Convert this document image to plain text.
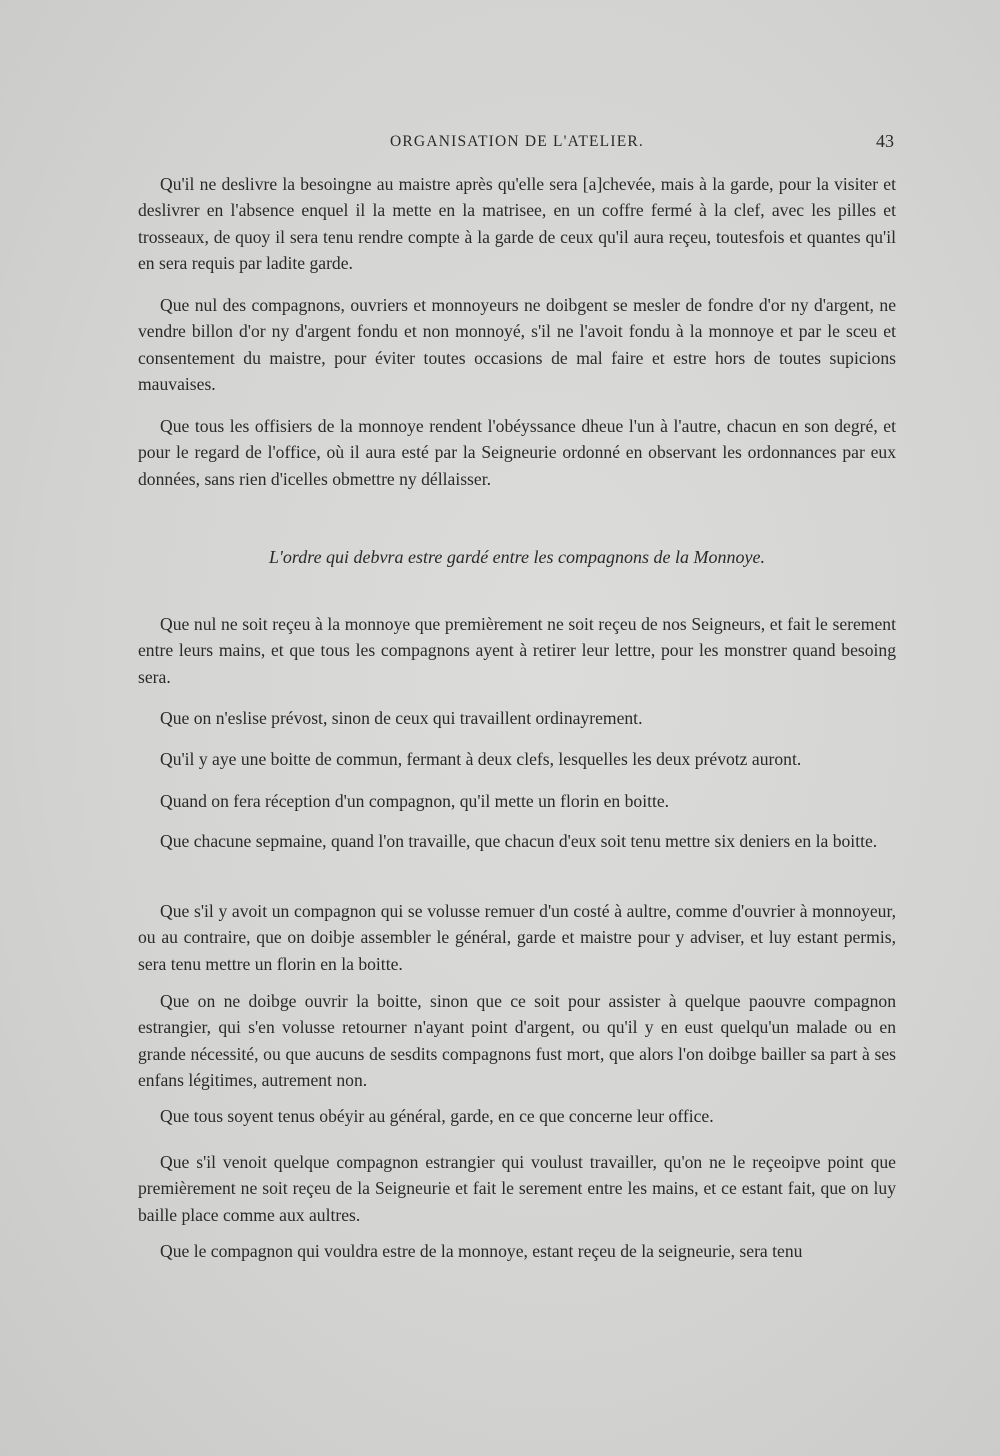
ORGANISATION DE L'ATELIER.	43

Qu'il ne deslivre la besoingne au maistre après qu'elle sera [a]chevée, mais à la garde, pour la visiter et deslivrer en l'absence enquel il la mette en la matrisee, en un coffre fermé à la clef, avec les pilles et trosseaux, de quoy il sera tenu rendre compte à la garde de ceux qu'il aura reçeu, toutesfois et quantes qu'il en sera requis par ladite garde.

Que nul des compagnons, ouvriers et monnoyeurs ne doibgent se mesler de fondre d'or ny d'argent, ne vendre billon d'or ny d'argent fondu et non monnoyé, s'il ne l'avoit fondu à la monnoye et par le sceu et consentement du maistre, pour éviter toutes occasions de mal faire et estre hors de toutes supicions mauvaises.

Que tous les offisiers de la monnoye rendent l'obéyssance dheue l'un à l'autre, chacun en son degré, et pour le regard de l'office, où il aura esté par la Seigneurie ordonné en observant les ordonnances par eux données, sans rien d'icelles obmettre ny déllaisser.

L'ordre qui debvra estre gardé entre les compagnons de la Monnoye.

Que nul ne soit reçeu à la monnoye que premièrement ne soit reçeu de nos Seigneurs, et fait le serement entre leurs mains, et que tous les compagnons ayent à retirer leur lettre, pour les monstrer quand besoing sera.

Que on n'eslise prévost, sinon de ceux qui travaillent ordinayrement.

Qu'il y aye une boitte de commun, fermant à deux clefs, lesquelles les deux prévotz auront.

Quand on fera réception d'un compagnon, qu'il mette un florin en boitte.

Que chacune sepmaine, quand l'on travaille, que chacun d'eux soit tenu mettre six deniers en la boitte.

Que s'il y avoit un compagnon qui se volusse remuer d'un costé à aultre, comme d'ouvrier à monnoyeur, ou au contraire, que on doibje assembler le général, garde et maistre pour y adviser, et luy estant permis, sera tenu mettre un florin en la boitte.

Que on ne doibge ouvrir la boitte, sinon que ce soit pour assister à quelque paouvre compagnon estrangier, qui s'en volusse retourner n'ayant point d'argent, ou qu'il y en eust quelqu'un malade ou en grande nécessité, ou que aucuns de sesdits compagnons fust mort, que alors l'on doibge bailler sa part à ses enfans légitimes, autrement non.

Que tous soyent tenus obéyir au général, garde, en ce que concerne leur office.

Que s'il venoit quelque compagnon estrangier qui voulust travailler, qu'on ne le reçeoipve point que premièrement ne soit reçeu de la Seigneurie et fait le serement entre les mains, et ce estant fait, que on luy baille place comme aux aultres.

Que le compagnon qui vouldra estre de la monnoye, estant reçeu de la seigneurie, sera tenu
